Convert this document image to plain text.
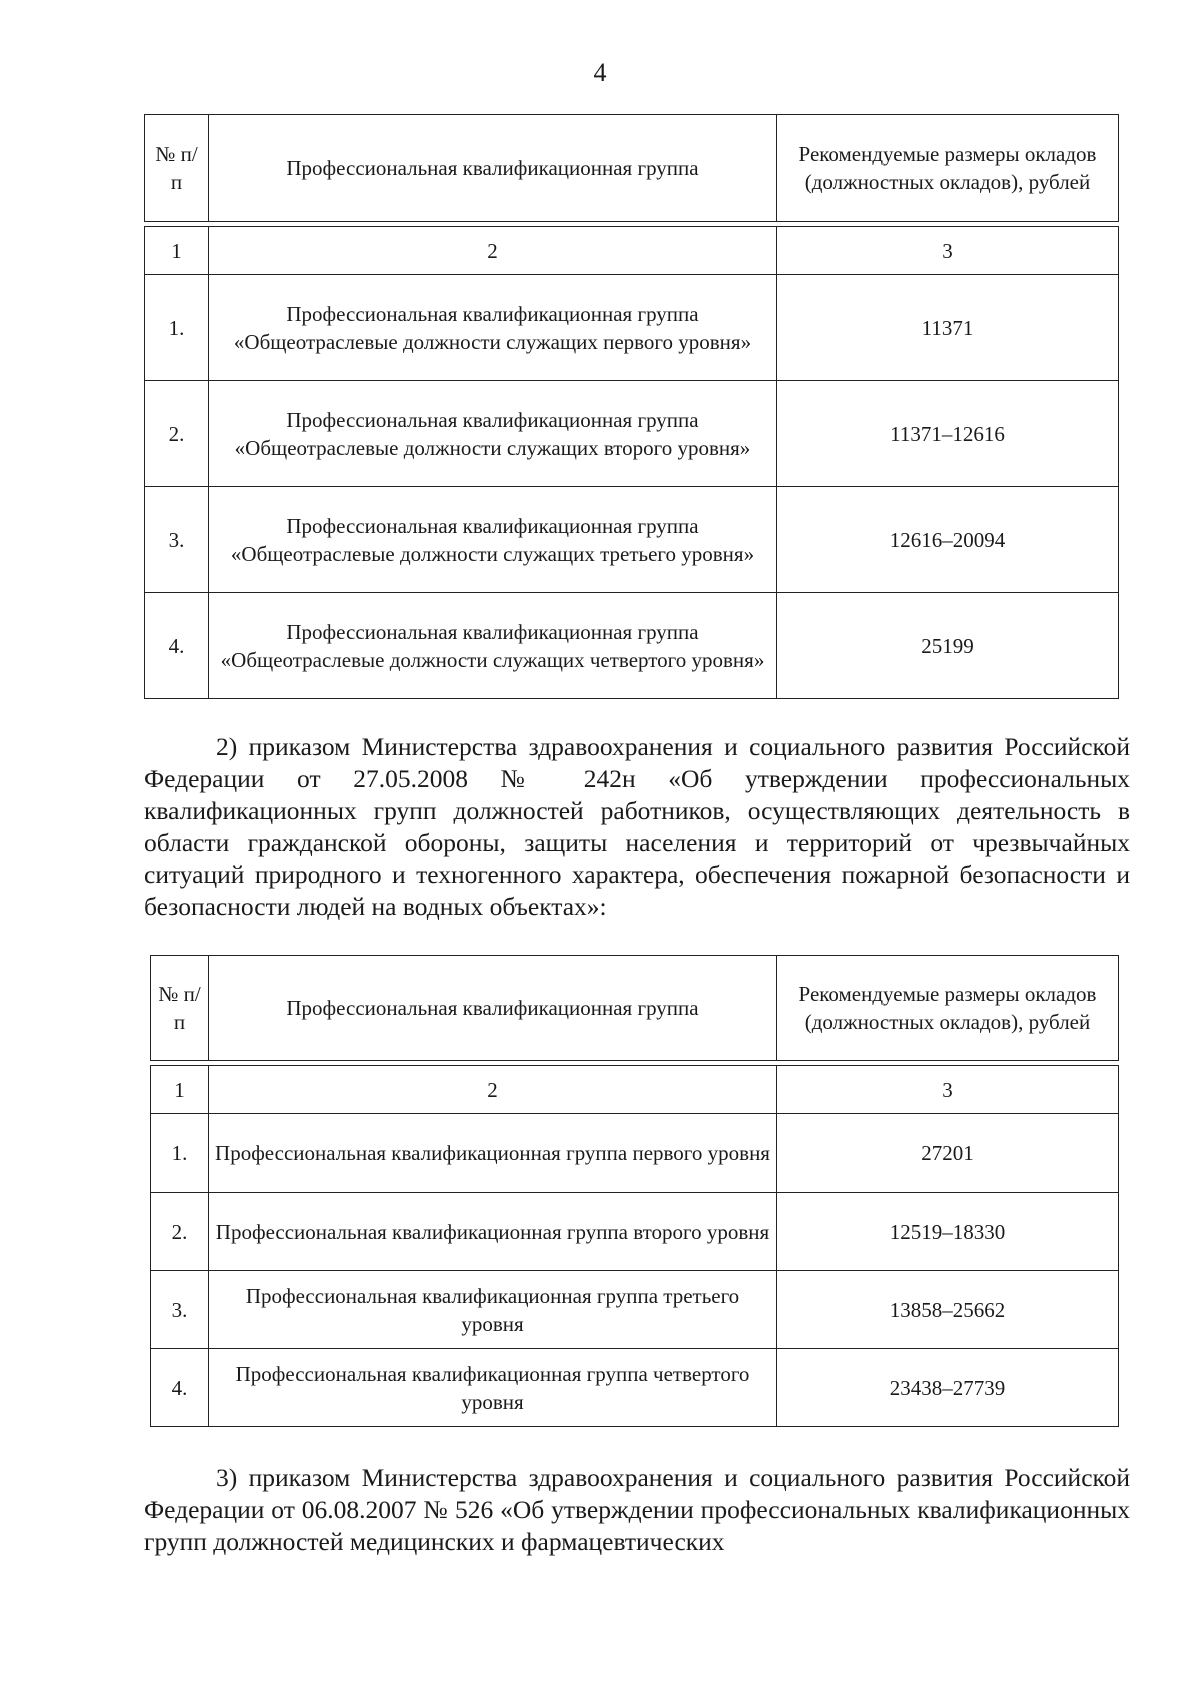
4
№ п/п	Профессиональная квалификационная группа	Рекомендуемые размеры окладов (должностных окладов), рублей

1	2	3
1.	Профессиональная квалификационная группа «Общеотраслевые должности служащих первого уровня»	11371
2.	Профессиональная квалификационная группа «Общеотраслевые должности служащих второго уровня»	11371–12616
3.	Профессиональная квалификационная группа «Общеотраслевые должности служащих третьего уровня»	12616–20094
4.	Профессиональная квалификационная группа «Общеотраслевые должности служащих четвертого уровня»	25199

2) приказом Министерства здравоохранения и социального развития Российской Федерации от 27.05.2008 № 242н «Об утверждении профессиональных квалификационных групп должностей работников, осуществляющих деятельность в области гражданской обороны, защиты населения и территорий от чрезвычайных ситуаций природного и техногенного характера, обеспечения пожарной безопасности и безопасности людей на водных объектах»:

№ п/п	Профессиональная квалификационная группа	Рекомендуемые размеры окладов (должностных окладов), рублей

1	2	3
1.	Профессиональная квалификационная группа первого уровня	27201
2.	Профессиональная квалификационная группа второго уровня	12519–18330
3.	Профессиональная квалификационная группа третьего уровня	13858–25662
4.	Профессиональная квалификационная группа четвертого уровня	23438–27739

3) приказом Министерства здравоохранения и социального развития Российской Федерации от 06.08.2007 № 526 «Об утверждении профессиональных квалификационных групп должностей медицинских и фармацевтических
